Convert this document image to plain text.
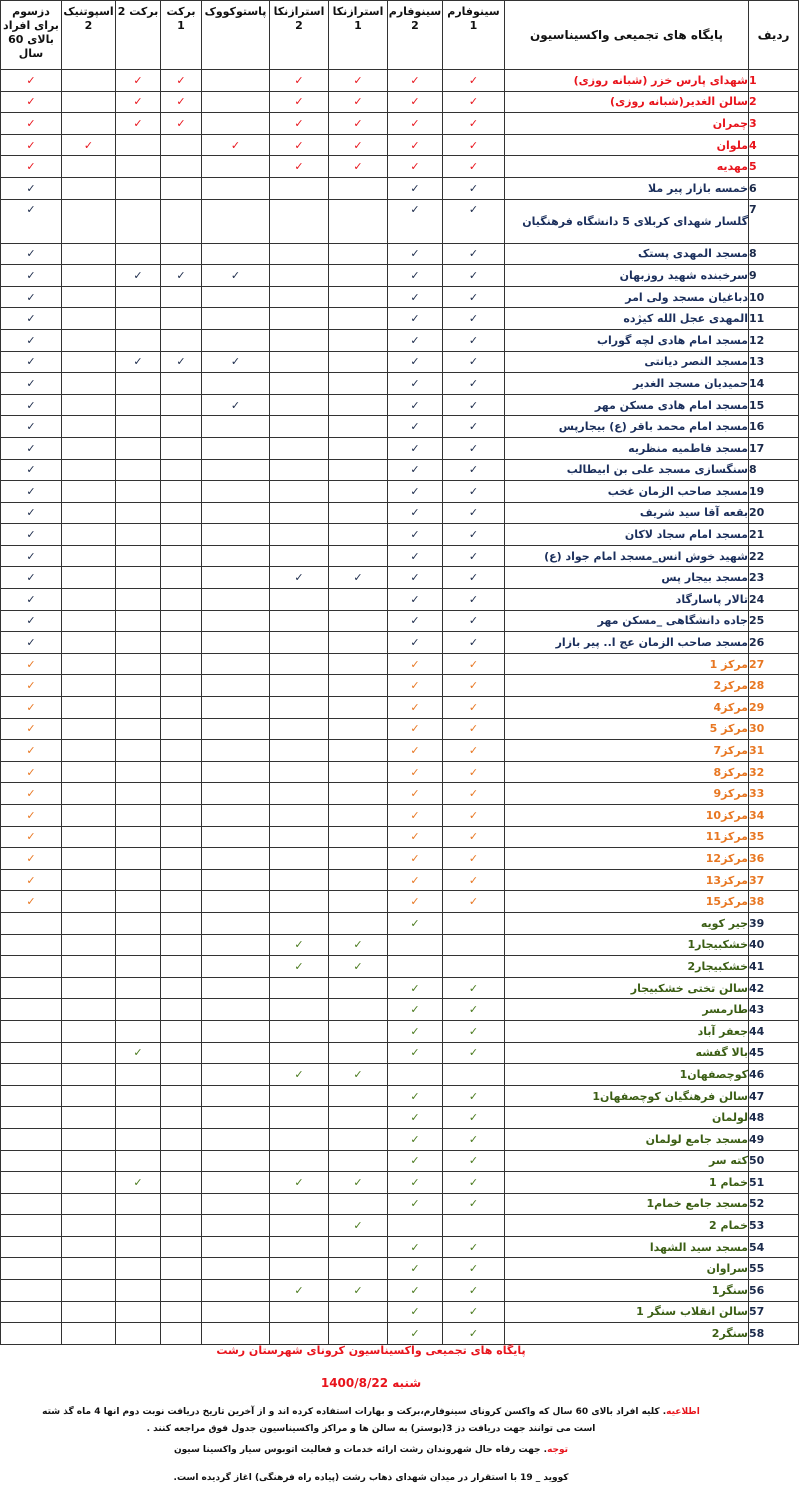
ردیف	پایگاه های تجمیعی واکسیناسیون	سینوفارم 1	سینوفارم 2	استرازنکا 1	استرازنکا 2	پاستوکووک	برکت 1	برکت 2	اسپوتنیک 2	دزسوم برای افراد بالای 60 سال
1	شهدای پارس خزر (شبانه روزی)	✓	✓	✓	✓		✓	✓		✓
2	سالن الغدیر(شبانه روزی)	✓	✓	✓	✓		✓	✓		✓
3	چمران	✓	✓	✓	✓		✓	✓		✓
4	ملوان	✓	✓	✓	✓	✓			✓	✓
5	مهدیه	✓	✓	✓	✓					✓
6	خمسه بازار پیر ملا	✓	✓							✓
7	گلسار شهدای کربلای 5 دانشگاه فرهنگیان	✓	✓							✓
8	مسجد المهدی پستک	✓	✓							✓
9	سرخبنده شهید روزبهان	✓	✓			✓	✓	✓		✓
10	دباغیان مسجد ولی امر	✓	✓							✓
11	المهدی عجل الله کیژده	✓	✓							✓
12	مسجد امام هادی لچه گوراب	✓	✓							✓
13	مسجد النصر دیانتی	✓	✓			✓	✓	✓		✓
14	حمیدیان مسجد الغدیر	✓	✓							✓
15	مسجد امام هادی مسکن مهر	✓	✓			✓				✓
16	مسجد امام محمد باقر (ع) بیجارپس	✓	✓							✓
17	مسجد فاطمیه منظریه	✓	✓							✓
8	سنگسازی مسجد علی بن ابیطالب	✓	✓							✓
19	مسجد صاحب الزمان غخب	✓	✓							✓
20	بقعه آقا سید شریف	✓	✓							✓
21	مسجد امام سجاد لاکان	✓	✓							✓
22	شهید خوش انس_مسجد امام جواد (ع)	✓	✓							✓
23	مسجد بیجار پس	✓	✓	✓	✓					✓
24	تالار پاسارگاد	✓	✓							✓
25	جاده دانشگاهی _مسکن مهر	✓	✓							✓
26	مسجد صاحب الزمان عج ا.. پیر بازار	✓	✓							✓
27	مرکز 1	✓	✓							✓
28	مرکز2	✓	✓							✓
29	مرکز4	✓	✓							✓
30	مرکز 5	✓	✓							✓
31	مرکز7	✓	✓							✓
32	مرکز8	✓	✓							✓
33	مرکز9	✓	✓							✓
34	مرکز10	✓	✓							✓
35	مرکز11	✓	✓							✓
36	مرکز12	✓	✓							✓
37	مرکز13	✓	✓							✓
38	مرکز15	✓	✓							✓
39	جیر کویه		✓							
40	خشکبیجار1			✓	✓					
41	خشکبیجار2			✓	✓					
42	سالن تختی خشکبیجار	✓	✓							
43	طارمسر	✓	✓							
44	جعفر آباد	✓	✓							
45	بالا گفشه	✓	✓					✓		
46	کوچصفهان1			✓	✓					
47	سالن فرهنگیان کوچصفهان1	✓	✓							
48	لولمان	✓	✓							
49	مسجد جامع لولمان	✓	✓							
50	کته سر	✓	✓							
51	خمام 1	✓	✓	✓	✓			✓		
52	مسجد جامع خمام1	✓	✓							
53	خمام 2			✓						
54	مسجد سید الشهدا	✓	✓							
55	سراوان	✓	✓							
56	سنگر1	✓	✓	✓	✓					
57	سالن انقلاب سنگر 1	✓	✓							
58	سنگر2	✓	✓							
پایگاه های تجمیعی واکسیناسیون کرونای شهرستان رشت
شنبه 1400/8/22
اطلاعیه. کلیه افراد بالای 60 سال که واکسن کرونای سینوفارم،برکت و بهارات استفاده کرده اند و از آخرین تاریخ دریافت نوبت دوم انها 4 ماه گذ شته است می توانند جهت دریافت دز 3(بوستر) به سالن ها و مراکز واکسیناسیون جدول فوق مراجعه کنند .
توجه. جهت رفاه حال شهروندان رشت ارائه خدمات و فعالیت اتوبوس سیار واکسینا سیون
کووید _ 19 با استقرار در میدان شهدای ذهاب رشت (پیاده راه فرهنگی) اغاز گردیده است.
